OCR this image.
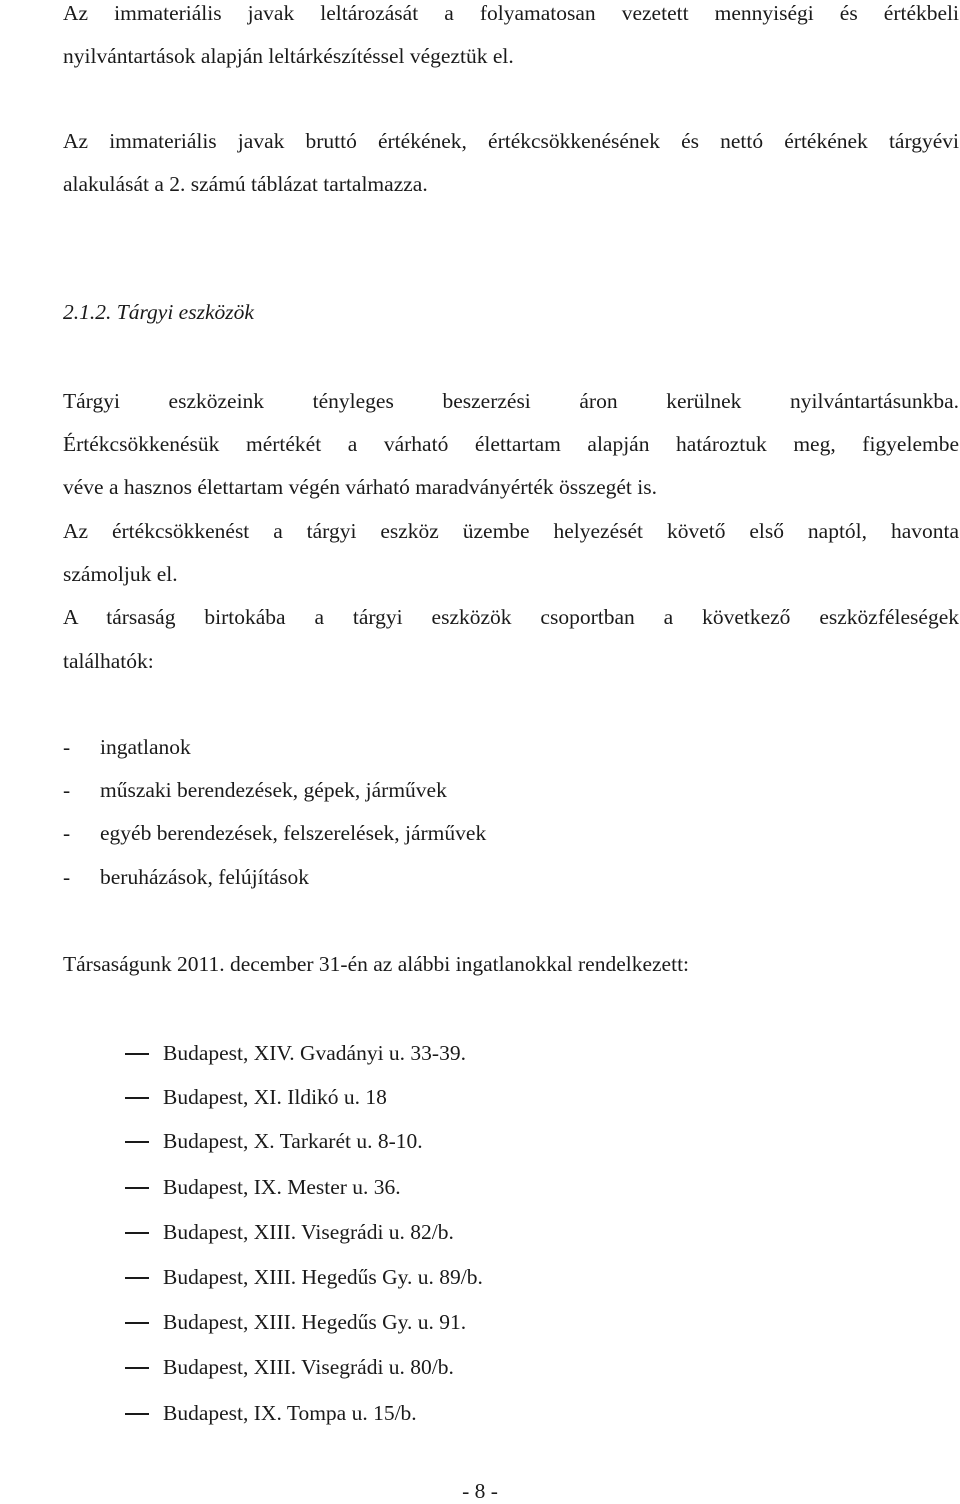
Az immateriális javak leltározását a folyamatosan vezetett mennyiségi és értékbeli
nyilvántartások alapján leltárkészítéssel végeztük el.
Az immateriális javak bruttó értékének, értékcsökkenésének és nettó értékének tárgyévi
alakulását a 2. számú táblázat tartalmazza.
2.1.2. Tárgyi eszközök
Tárgyi eszközeink tényleges beszerzési áron kerülnek nyilvántartásunkba.
Értékcsökkenésük mértékét a várható élettartam alapján határoztuk meg, figyelembe
véve a hasznos élettartam végén várható maradványérték összegét is.
Az értékcsökkenést a tárgyi eszköz üzembe helyezését követő első naptól, havonta
számoljuk el.
A társaság birtokába a tárgyi eszközök csoportban a következő eszközféleségek
találhatók:
- ingatlanok
- műszaki berendezések, gépek, járművek
- egyéb berendezések, felszerelések, járművek
- beruházások, felújítások
Társaságunk 2011. december 31-én az alábbi ingatlanokkal rendelkezett:
Budapest, XIV. Gvadányi u. 33-39.
Budapest, XI. Ildikó u. 18
Budapest, X. Tarkarét u. 8-10.
Budapest, IX. Mester u. 36.
Budapest, XIII. Visegrádi u. 82/b.
Budapest, XIII. Hegedűs Gy. u. 89/b.
Budapest, XIII. Hegedűs Gy. u. 91.
Budapest, XIII. Visegrádi u. 80/b.
Budapest, IX. Tompa u. 15/b.
- 8 -
